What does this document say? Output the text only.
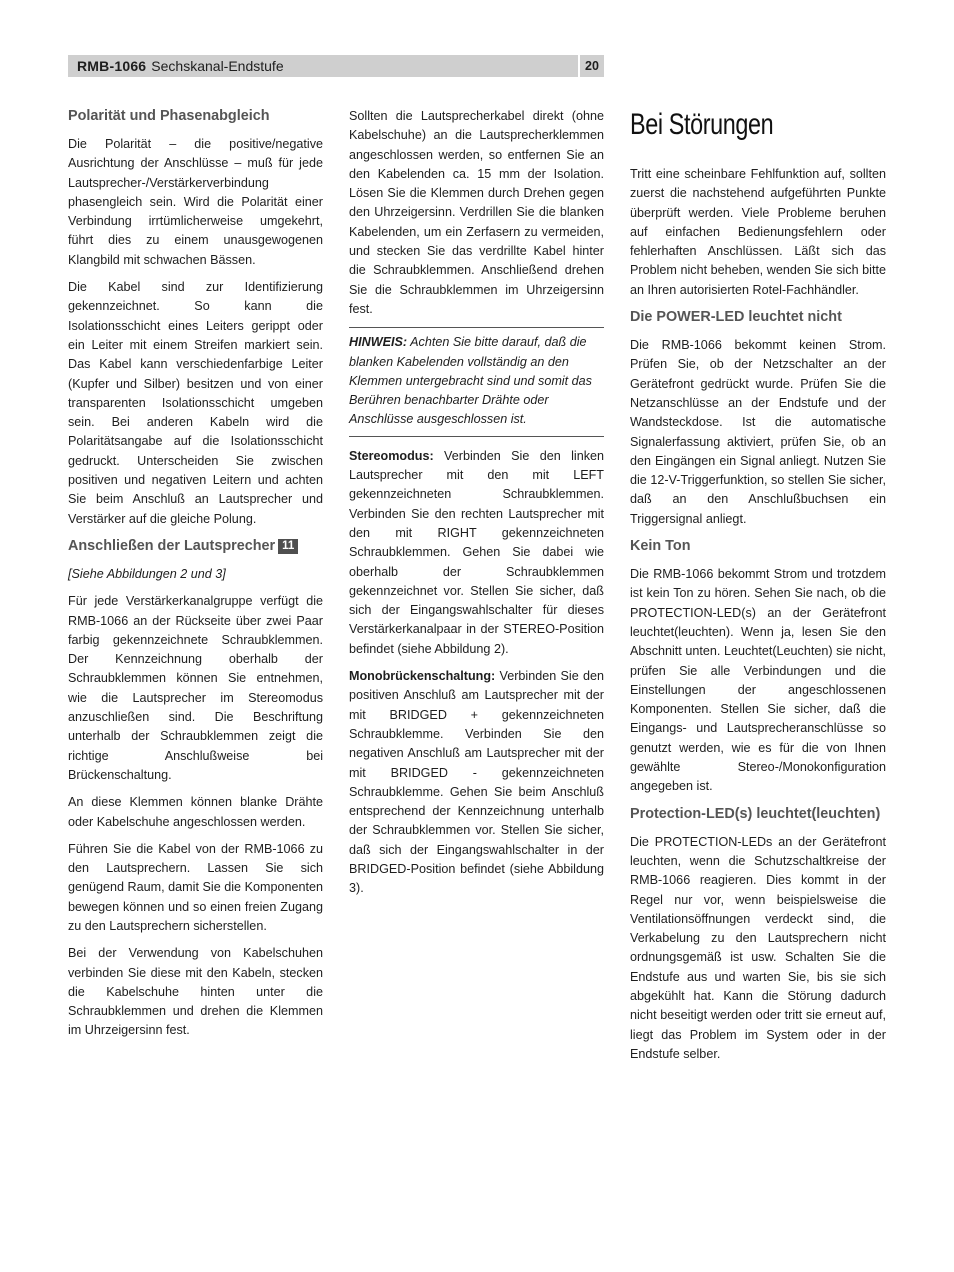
RMB-1066 Sechskanal-Endstufe	20
Polarität und Phasenabgleich

Die Polarität – die positive/negative Ausrichtung der Anschlüsse – muß für jede Lautsprecher-/Verstärkerverbindung phasengleich sein. Wird die Polarität einer Verbindung irrtümlicherweise umgekehrt, führt dies zu einem unausgewogenen Klangbild mit schwachen Bässen.

Die Kabel sind zur Identifizierung gekennzeichnet. So kann die Isolationsschicht eines Leiters gerippt oder ein Leiter mit einem Streifen markiert sein. Das Kabel kann verschiedenfarbige Leiter (Kupfer und Silber) besitzen und von einer transparenten Isolationsschicht umgeben sein. Bei anderen Kabeln wird die Polaritätsangabe auf die Isolationsschicht gedruckt. Unterscheiden Sie zwischen positiven und negativen Leitern und achten Sie beim Anschluß an Lautsprecher und Verstärker auf die gleiche Polung.

Anschließen der Lautsprecher 11

[Siehe Abbildungen 2 und 3]

Für jede Verstärkerkanalgruppe verfügt die RMB-1066 an der Rückseite über zwei Paar farbig gekennzeichnete Schraubklemmen. Der Kennzeichnung oberhalb der Schraubklemmen können Sie entnehmen, wie die Lautsprecher im Stereomodus anzuschließen sind. Die Beschriftung unterhalb der Schraubklemmen zeigt die richtige Anschlußweise bei Brückenschaltung.

An diese Klemmen können blanke Drähte oder Kabelschuhe angeschlossen werden.

Führen Sie die Kabel von der RMB-1066 zu den Lautsprechern. Lassen Sie sich genügend Raum, damit Sie die Komponenten bewegen können und so einen freien Zugang zu den Lautsprechern sicherstellen.

Bei der Verwendung von Kabelschuhen verbinden Sie diese mit den Kabeln, stecken die Kabelschuhe hinten unter die Schraubklemmen und drehen die Klemmen im Uhrzeigersinn fest.

Sollten die Lautsprecherkabel direkt (ohne Kabelschuhe) an die Lautsprecherklemmen angeschlossen werden, so entfernen Sie an den Kabelenden ca. 15 mm der Isolation. Lösen Sie die Klemmen durch Drehen gegen den Uhrzeigersinn. Verdrillen Sie die blanken Kabelenden, um ein Zerfasern zu vermeiden, und stecken Sie das verdrillte Kabel hinter die Schraubklemmen. Anschließend drehen Sie die Schraubklemmen im Uhrzeigersinn fest.

HINWEIS: Achten Sie bitte darauf, daß die blanken Kabelenden vollständig an den Klemmen untergebracht sind und somit das Berühren benachbarter Drähte oder Anschlüsse ausgeschlossen ist.

Stereomodus: Verbinden Sie den linken Lautsprecher mit den mit LEFT gekennzeichneten Schraubklemmen. Verbinden Sie den rechten Lautsprecher mit den mit RIGHT gekennzeichneten Schraubklemmen. Gehen Sie dabei wie oberhalb der Schraubklemmen gekennzeichnet vor. Stellen Sie sicher, daß sich der Eingangswahlschalter für dieses Verstärkerkanalpaar in der STEREO-Position befindet (siehe Abbildung 2).

Monobrückenschaltung: Verbinden Sie den positiven Anschluß am Lautsprecher mit der mit BRIDGED + gekennzeichneten Schraubklemme. Verbinden Sie den negativen Anschluß am Lautsprecher mit der mit BRIDGED - gekennzeichneten Schraubklemme. Gehen Sie beim Anschluß entsprechend der Kennzeichnung unterhalb der Schraubklemmen vor. Stellen Sie sicher, daß sich der Eingangswahlschalter in der BRIDGED-Position befindet (siehe Abbildung 3).

Bei Störungen

Tritt eine scheinbare Fehlfunktion auf, sollten zuerst die nachstehend aufgeführten Punkte überprüft werden. Viele Probleme beruhen auf einfachen Bedienungsfehlern oder fehlerhaften Anschlüssen. Läßt sich das Problem nicht beheben, wenden Sie sich bitte an Ihren autorisierten Rotel-Fachhändler.

Die POWER-LED leuchtet nicht

Die RMB-1066 bekommt keinen Strom. Prüfen Sie, ob der Netzschalter an der Gerätefront gedrückt wurde. Prüfen Sie die Netzanschlüsse an der Endstufe und der Wandsteckdose. Ist die automatische Signalerfassung aktiviert, prüfen Sie, ob an den Eingängen ein Signal anliegt. Nutzen Sie die 12-V-Triggerfunktion, so stellen Sie sicher, daß an den Anschlußbuchsen ein Triggersignal anliegt.

Kein Ton

Die RMB-1066 bekommt Strom und trotzdem ist kein Ton zu hören. Sehen Sie nach, ob die PROTECTION-LED(s) an der Gerätefront leuchtet(leuchten). Wenn ja, lesen Sie den Abschnitt unten. Leuchtet(Leuchten) sie nicht, prüfen Sie alle Verbindungen und die Einstellungen der angeschlossenen Komponenten. Stellen Sie sicher, daß die Eingangs- und Lautsprecheranschlüsse so genutzt werden, wie es für die von Ihnen gewählte Stereo-/Monokonfiguration angegeben ist.

Protection-LED(s) leuchtet(leuchten)

Die PROTECTION-LEDs an der Gerätefront leuchten, wenn die Schutzschaltkreise der RMB-1066 reagieren. Dies kommt in der Regel nur vor, wenn beispielsweise die Ventilationsöffnungen verdeckt sind, die Verkabelung zu den Lautsprechern nicht ordnungsgemäß ist usw. Schalten Sie die Endstufe aus und warten Sie, bis sie sich abgekühlt hat. Kann die Störung dadurch nicht beseitigt werden oder tritt sie erneut auf, liegt das Problem im System oder in der Endstufe selber.
